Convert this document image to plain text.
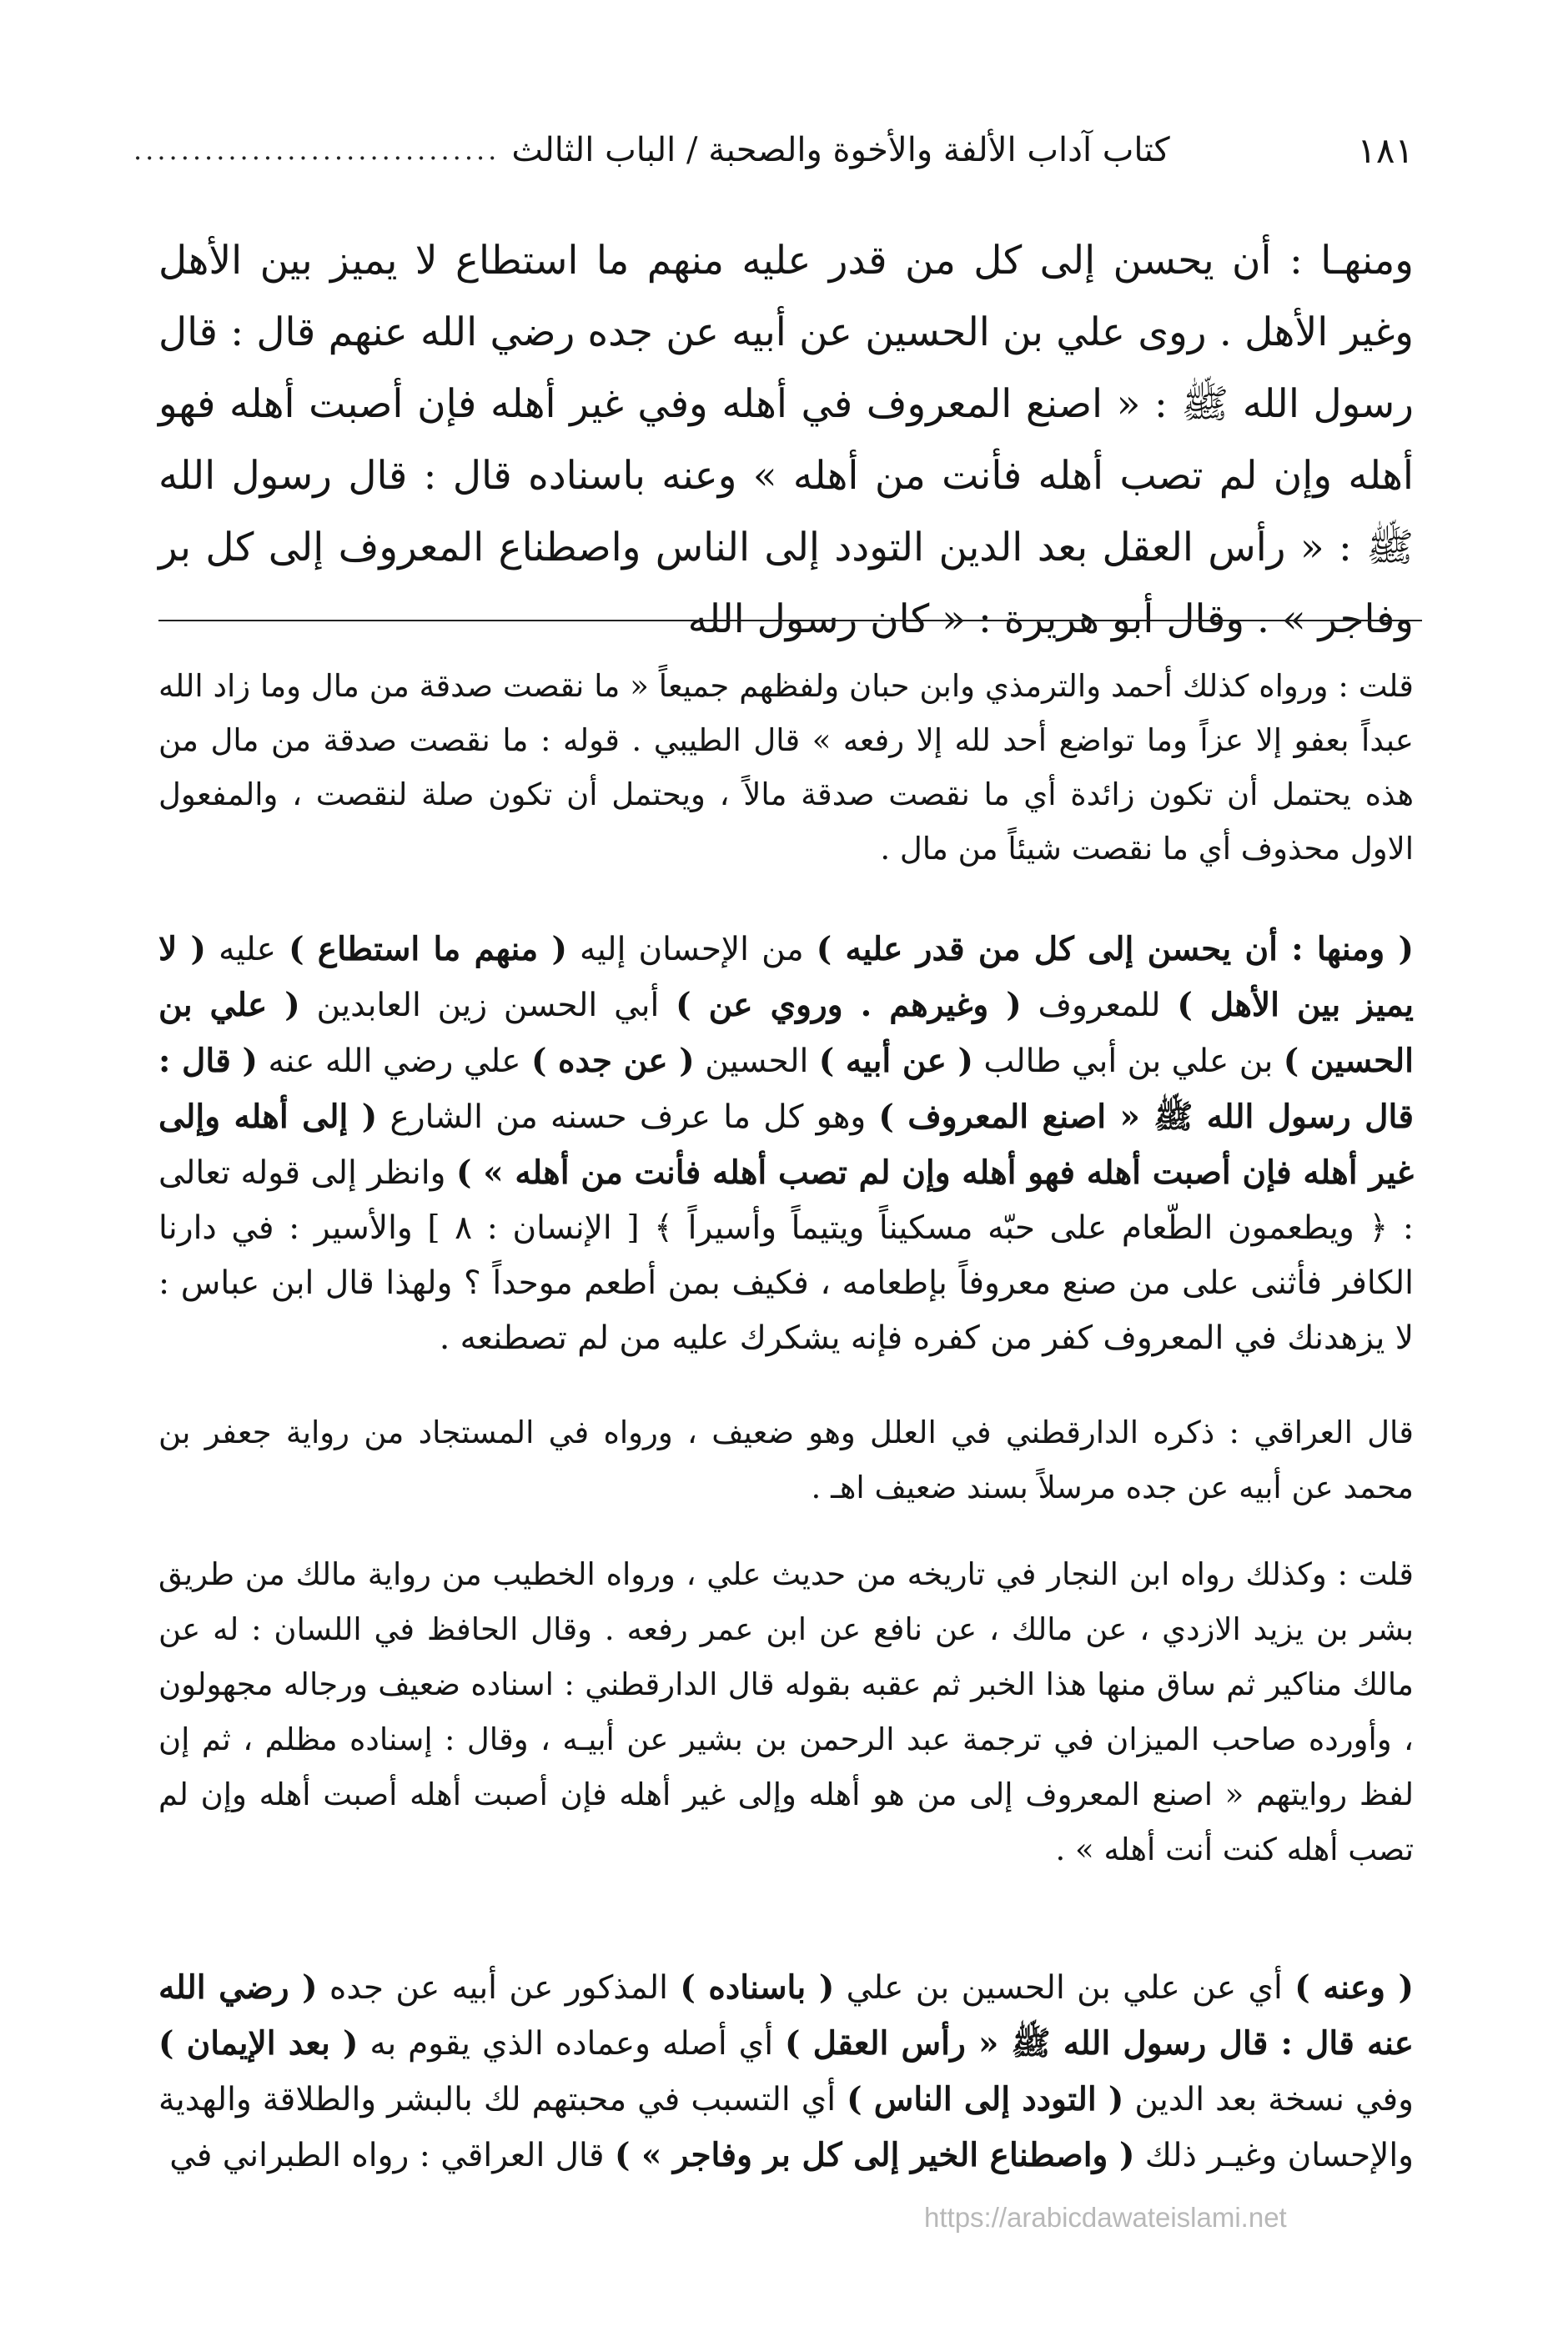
كتاب آداب الألفة والأخوة والصحبة / الباب الثالث
...............................	١٨١

ومنهـا : أن يحسن إلى كل من قدر عليه منهم ما استطاع لا يميز بين الأهل وغير الأهل . روى علي بن الحسين عن أبيه عن جده رضي الله عنهم قال : قال رسول الله ﷺ : « اصنع المعروف في أهله وفي غير أهله فإن أصبت أهله فهو أهله وإن لم تصب أهله فأنت من أهله » وعنه باسناده قال : قال رسول الله ﷺ : « رأس العقل بعد الدين التودد إلى الناس واصطناع المعروف إلى كل بر وفاجر » . وقال أبو هريرة : « كان رسول الله

قلت : ورواه كذلك أحمد والترمذي وابن حبان ولفظهم جميعاً « ما نقصت صدقة من مال وما زاد الله عبداً بعفو إلا عزاً وما تواضع أحد لله إلا رفعه » قال الطيبي . قوله : ما نقصت صدقة من مال من هذه يحتمل أن تكون زائدة أي ما نقصت صدقة مالاً ، ويحتمل أن تكون صلة لنقصت ، والمفعول الاول محذوف أي ما نقصت شيئاً من مال .

( ومنها : أن يحسن إلى كل من قدر عليه ) من الإحسان إليه ( منهم ما استطاع ) عليه ( لا يميز بين الأهل ) للمعروف ( وغيرهم . وروي عن ) أبي الحسن زين العابدين ( علي بن الحسين ) بن علي بن أبي طالب ( عن أبيه ) الحسين ( عن جده ) علي رضي الله عنه ( قال : قال رسول الله ﷺ « اصنع المعروف ) وهو كل ما عرف حسنه من الشارع ( إلى أهله وإلى غير أهله فإن أصبت أهله فهو أهله وإن لم تصب أهله فأنت من أهله » ) وانظر إلى قوله تعالى : ﴿ ويطعمون الطّعام على حبّه مسكيناً ويتيماً وأسيراً ﴾ [ الإنسان : ٨ ] والأسير : في دارنا الكافر فأثنى على من صنع معروفاً بإطعامه ، فكيف بمن أطعم موحداً ؟ ولهذا قال ابن عباس : لا يزهدنك في المعروف كفر من كفره فإنه يشكرك عليه من لم تصطنعه .

قال العراقي : ذكره الدارقطني في العلل وهو ضعيف ، ورواه في المستجاد من رواية جعفر بن محمد عن أبيه عن جده مرسلاً بسند ضعيف اهـ .

قلت : وكذلك رواه ابن النجار في تاريخه من حديث علي ، ورواه الخطيب من رواية مالك من طريق بشر بن يزيد الازدي ، عن مالك ، عن نافع عن ابن عمر رفعه . وقال الحافظ في اللسان : له عن مالك مناكير ثم ساق منها هذا الخبر ثم عقبه بقوله قال الدارقطني : اسناده ضعيف ورجاله مجهولون ، وأورده صاحب الميزان في ترجمة عبد الرحمن بن بشير عن أبيـه ، وقال : إسناده مظلم ، ثم إن لفظ روايتهم « اصنع المعروف إلى من هو أهله وإلى غير أهله فإن أصبت أهله أصبت أهله وإن لم تصب أهله كنت أنت أهله » .

( وعنه ) أي عن علي بن الحسين بن علي ( باسناده ) المذكور عن أبيه عن جده ( رضي الله عنه قال : قال رسول الله ﷺ « رأس العقل ) أي أصله وعماده الذي يقوم به ( بعد الإيمان ) وفي نسخة بعد الدين ( التودد إلى الناس ) أي التسبب في محبتهم لك بالبشر والطلاقة والهدية والإحسان وغيـر ذلك ( واصطناع الخير إلى كل بر وفاجر » ) قال العراقي : رواه الطبراني في

https://arabicdawateislami.net
